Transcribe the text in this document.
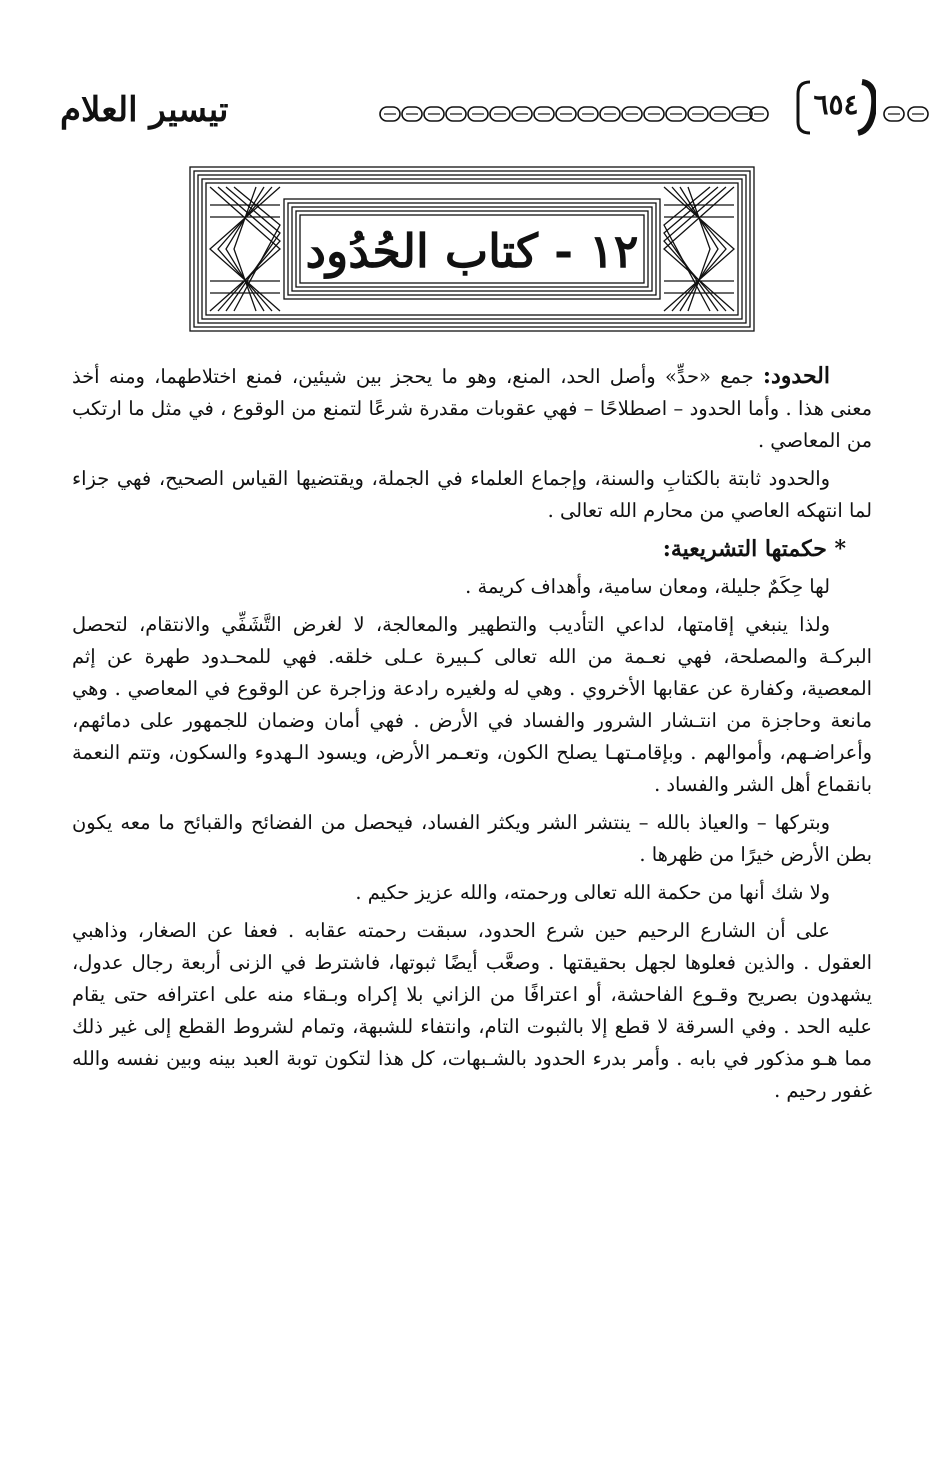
تيسير العلام	٦٥٤
١٢ - كتاب الحُدُود

الحدود: جمع «حدٍّ» وأصل الحد، المنع، وهو ما يحجز بين شيئين، فمنع اختلاطهما، ومنه أخذ معنى هذا . وأما الحدود – اصطلاحًا – فهي عقوبات مقدرة شرعًا لتمنع من الوقوع ، في مثل ما ارتكب من المعاصي .

والحدود ثابتة بالكتابِ والسنة، وإجماع العلماء في الجملة، ويقتضيها القياس الصحيح، فهي جزاء لما انتهكه العاصي من محارم الله تعالى .

* حكمتها التشريعية:

لها حِكَمٌ جليلة، ومعان سامية، وأهداف كريمة .

ولذا ينبغي إقامتها، لداعي التأديب والتطهير والمعالجة، لا لغرض التَّشَفِّي والانتقام، لتحصل البركـة والمصلحة، فهي نعـمة من الله تعالى كـبيرة عـلى خلقه. فهي للمحـدود طهرة عن إثم المعصية، وكفارة عن عقابها الأخروي . وهي له ولغيره رادعة وزاجرة عن الوقوع في المعاصي . وهي مانعة وحاجزة من انتـشار الشرور والفساد في الأرض . فهي أمان وضمان للجمهور على دمائهم، وأعراضـهم، وأموالهم . وبإقامـتهـا يصلح الكون، وتعـمر الأرض، ويسود الـهدوء والسكون، وتتم النعمة بانقماع أهل الشر والفساد .

وبتركها – والعياذ بالله – ينتشر الشر ويكثر الفساد، فيحصل من الفضائح والقبائح ما معه يكون بطن الأرض خيرًا من ظهرها .

ولا شك أنها من حكمة الله تعالى ورحمته، والله عزيز حكيم .

على أن الشارع الرحيم حين شرع الحدود، سبقت رحمته عقابه . فعفا عن الصغار، وذاهبي العقول . والذين فعلوها لجهل بحقيقتها . وصعَّب أيضًا ثبوتها، فاشترط في الزنى أربعة رجال عدول، يشهدون بصريح وقـوع الفاحشة، أو اعترافًا من الزاني بلا إكراه وبـقاء منه على اعترافه حتى يقام عليه الحد . وفي السرقة لا قطع إلا بالثبوت التام، وانتفاء للشبهة، وتمام لشروط القطع إلى غير ذلك مما هـو مذكور في بابه . وأمر بدرء الحدود بالشـبهات، كل هذا لتكون توبة العبد بينه وبين نفسه والله غفور رحيم .
